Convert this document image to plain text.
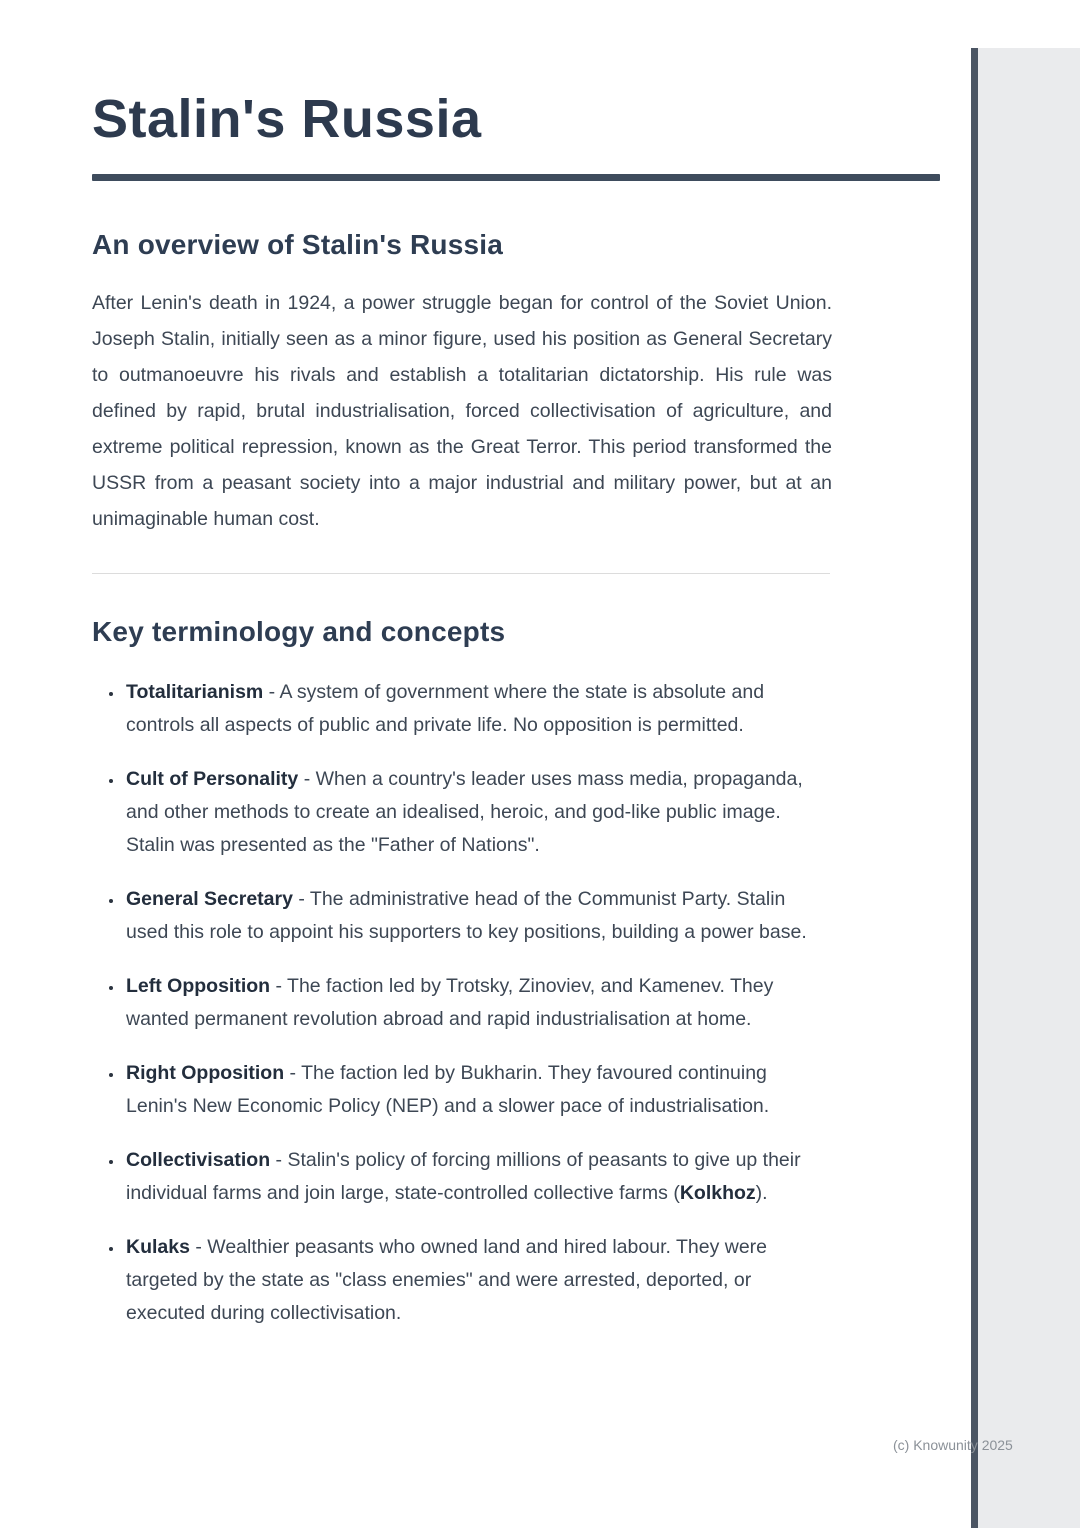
Stalin's Russia
An overview of Stalin's Russia

After Lenin's death in 1924, a power struggle began for control of the Soviet Union. Joseph Stalin, initially seen as a minor figure, used his position as General Secretary to outmanoeuvre his rivals and establish a totalitarian dictatorship. His rule was defined by rapid, brutal industrialisation, forced collectivisation of agriculture, and extreme political repression, known as the Great Terror. This period transformed the USSR from a peasant society into a major industrial and military power, but at an unimaginable human cost.

Key terminology and concepts
• Totalitarianism - A system of government where the state is absolute and controls all aspects of public and private life. No opposition is permitted.
• Cult of Personality - When a country's leader uses mass media, propaganda, and other methods to create an idealised, heroic, and god-like public image. Stalin was presented as the "Father of Nations".
• General Secretary - The administrative head of the Communist Party. Stalin used this role to appoint his supporters to key positions, building a power base.
• Left Opposition - The faction led by Trotsky, Zinoviev, and Kamenev. They wanted permanent revolution abroad and rapid industrialisation at home.
• Right Opposition - The faction led by Bukharin. They favoured continuing Lenin's New Economic Policy (NEP) and a slower pace of industrialisation.
• Collectivisation - Stalin's policy of forcing millions of peasants to give up their individual farms and join large, state-controlled collective farms (Kolkhoz).
• Kulaks - Wealthier peasants who owned land and hired labour. They were targeted by the state as "class enemies" and were arrested, deported, or executed during collectivisation.
(c) Knowunity 2025
